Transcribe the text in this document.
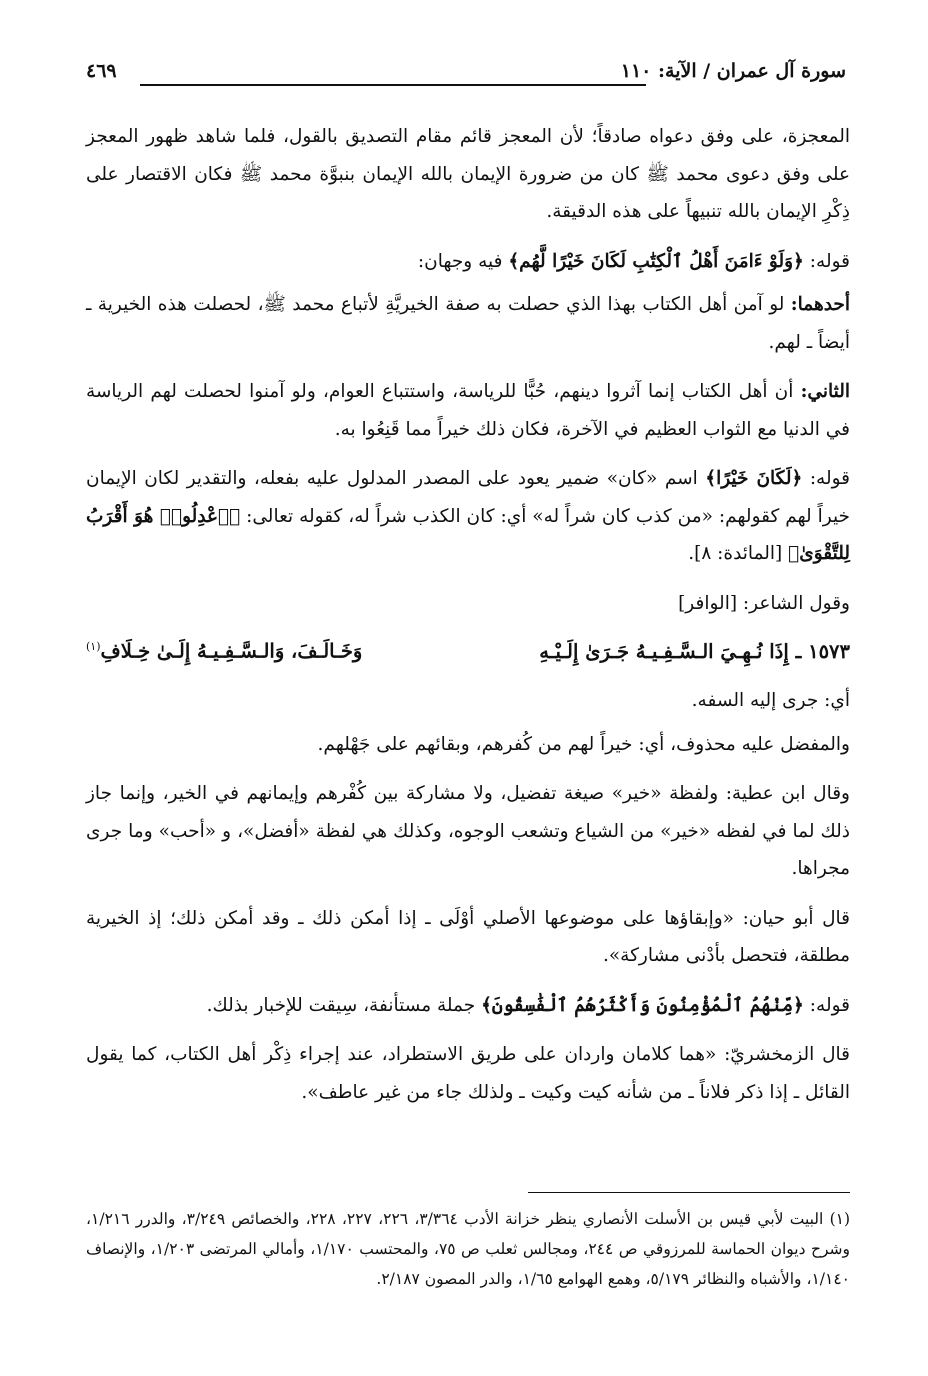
سورة آل عمران / الآية: ١١٠
٤٦٩

المعجزة، على وفق دعواه صادقاً؛ لأن المعجز قائم مقام التصديق بالقول، فلما شاهد ظهور المعجز على وفق دعوى محمد ﷺ كان من ضرورة الإيمان بالله الإيمان بنبوَّة محمد ﷺ فكان الاقتصار على ذِكْرِ الإيمان بالله تنبيهاً على هذه الدقيقة.

قوله: ﴿وَلَوْ ءَامَنَ أَهْلُ ٱلْكِتَٰبِ لَكَانَ خَيْرًا لَّهُم﴾ فيه وجهان:

أحدهما: لو آمن أهل الكتاب بهذا الذي حصلت به صفة الخيريَّةِ لأتباع محمد ﷺ، لحصلت هذه الخيرية ـ أيضاً ـ لهم.

الثاني: أن أهل الكتاب إنما آثروا دينهم، حُبًّا للرياسة، واستتباع العوام، ولو آمنوا لحصلت لهم الرياسة في الدنيا مع الثواب العظيم في الآخرة، فكان ذلك خيراً مما قَنِعُوا به.

قوله: ﴿لَكَانَ خَيْرًا﴾ اسم «كان» ضمير يعود على المصدر المدلول عليه بفعله، والتقدير لكان الإيمان خيراً لهم كقولهم: «من كذب كان شراً له» أي: كان الكذب شراً له، كقوله تعالى: ﴿ٱعْدِلُوا۟ هُوَ أَقْرَبُ لِلتَّقْوَىٰ﴾ [المائدة: ٨].

وقول الشاعر: [الوافر]

١٥٧٣ ـ إِذَا نُـهِـيَ الـسَّـفِـيـهُ جَـرَىٰ إِلَـيْـهِ
وَخَـالَـفَ، وَالـسَّـفِـيـهُ إِلَـىٰ خِـلَافِ$^{(١)}$

أي: جرى إليه السفه.

والمفضل عليه محذوف، أي: خيراً لهم من كُفرهم، وبقائهم على جَهْلهم.

وقال ابن عطية: ولفظة «خير» صيغة تفضيل، ولا مشاركة بين كُفْرهم وإيمانهم في الخير، وإنما جاز ذلك لما في لفظه «خير» من الشياع وتشعب الوجوه، وكذلك هي لفظة «أفضل»، و «أحب» وما جرى مجراها.

قال أبو حيان: «وإبقاؤها على موضوعها الأصلي أوْلَى ـ إذا أمكن ذلك ـ وقد أمكن ذلك؛ إذ الخيرية مطلقة، فتحصل بأدْنى مشاركة».

قوله: ﴿مِّنْهُمُ ٱلْمُؤْمِنُونَ وَأَكْثَرُهُمُ ٱلْفَٰسِقُونَ﴾ جملة مستأنفة، سِيقت للإخبار بذلك.

قال الزمخشريّ: «هما كلامان واردان على طريق الاستطراد، عند إجراء ذِكْر أهل الكتاب، كما يقول القائل ـ إذا ذكر فلاناً ـ من شأنه كيت وكيت ـ ولذلك جاء من غير عاطف».

(١) البيت لأبي قيس بن الأسلت الأنصاري ينظر خزانة الأدب ٣/٣٦٤، ٢٢٦، ٢٢٧، ٢٢٨، والخصائص ٣/٢٤٩، والدرر ١/٢١٦، وشرح ديوان الحماسة للمرزوقي ص ٢٤٤، ومجالس ثعلب ص ٧٥، والمحتسب ١/١٧٠، وأمالي المرتضى ١/٢٠٣، والإنصاف ١/١٤٠، والأشباه والنظائر ٥/١٧٩، وهمع الهوامع ١/٦٥، والدر المصون ٢/١٨٧.
